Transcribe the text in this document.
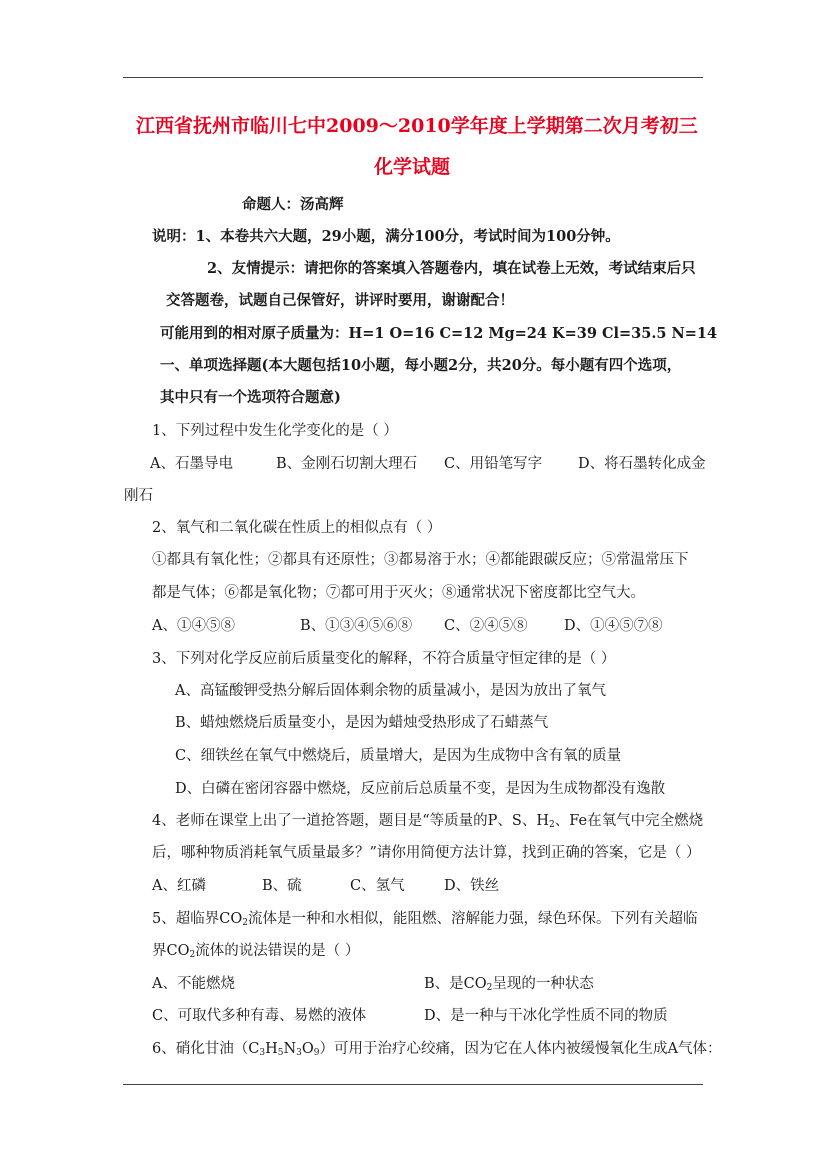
江西省抚州市临川七中2009～2010学年度上学期第二次月考初三
化学试题
命题人：汤高辉
说明：1、本卷共六大题，29小题，满分100分，考试时间为100分钟。
2、友情提示：请把你的答案填入答题卷内，填在试卷上无效，考试结束后只
交答题卷，试题自己保管好，讲评时要用，谢谢配合！
可能用到的相对原子质量为：H=1 O=16 C=12 Mg=24 K=39 Cl=35.5 N=14
一、单项选择题(本大题包括10小题，每小题2分，共20分。每小题有四个选项，
其中只有一个选项符合题意)
1、下列过程中发生化学变化的是（ ）
A、石墨导电	B、金刚石切割大理石 C、用铅笔写字 D、将石墨转化成金
刚石
2、氧气和二氧化碳在性质上的相似点有（ ）
①都具有氧化性；②都具有还原性；③都易溶于水；④都能跟碳反应；⑤常温常压下
都是气体；⑥都是氧化物；⑦都可用于灭火；⑧通常状况下密度都比空气大。
A、①④⑤⑧	B、①③④⑤⑥⑧ C、②④⑤⑧	D、①④⑤⑦⑧
3、下列对化学反应前后质量变化的解释，不符合质量守恒定律的是（ ）
A、高锰酸钾受热分解后固体剩余物的质量减小，是因为放出了氧气
B、蜡烛燃烧后质量变小，是因为蜡烛受热形成了石蜡蒸气
C、细铁丝在氧气中燃烧后，质量增大，是因为生成物中含有氧的质量
D、白磷在密闭容器中燃烧，反应前后总质量不变，是因为生成物都没有逸散
4、老师在课堂上出了一道抢答题，题目是“等质量的P、S、$H_2$、Fe在氧气中完全燃烧
后，哪种物质消耗氧气质量最多？”请你用简便方法计算，找到正确的答案，它是（ ）
A、红磷	B、硫	C、氢气	D、铁丝
5、超临界$CO_2$流体是一种和水相似，能阻燃、溶解能力强，绿色环保。下列有关超临
界$CO_2$流体的说法错误的是（ ）
A、不能燃烧	B、是$CO_2$呈现的一种状态
C、可取代多种有毒、易燃的液体	D、是一种与干冰化学性质不同的物质
6、硝化甘油$(C_3H_5N_3O_9)$可用于治疗心绞痛，因为它在人体内被缓慢氧化生成A气体：
